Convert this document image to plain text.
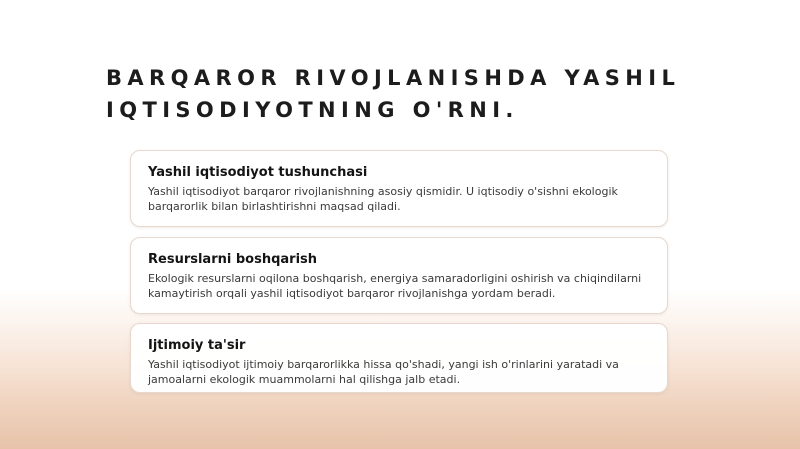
BARQAROR RIVOJLANISHDA YASHIL IQTISODIYOTNING O'RNI.
Yashil iqtisodiyot tushunchasi
Yashil iqtisodiyot barqaror rivojlanishning asosiy qismidir. U iqtisodiy o'sishni ekologik barqarorlik bilan birlashtirishni maqsad qiladi.
Resurslarni boshqarish
Ekologik resurslarni oqilona boshqarish, energiya samaradorligini oshirish va chiqindilarni kamaytirish orqali yashil iqtisodiyot barqaror rivojlanishga yordam beradi.
Ijtimoiy ta'sir
Yashil iqtisodiyot ijtimoiy barqarorlikka hissa qo'shadi, yangi ish o'rinlarini yaratadi va jamoalarni ekologik muammolarni hal qilishga jalb etadi.
